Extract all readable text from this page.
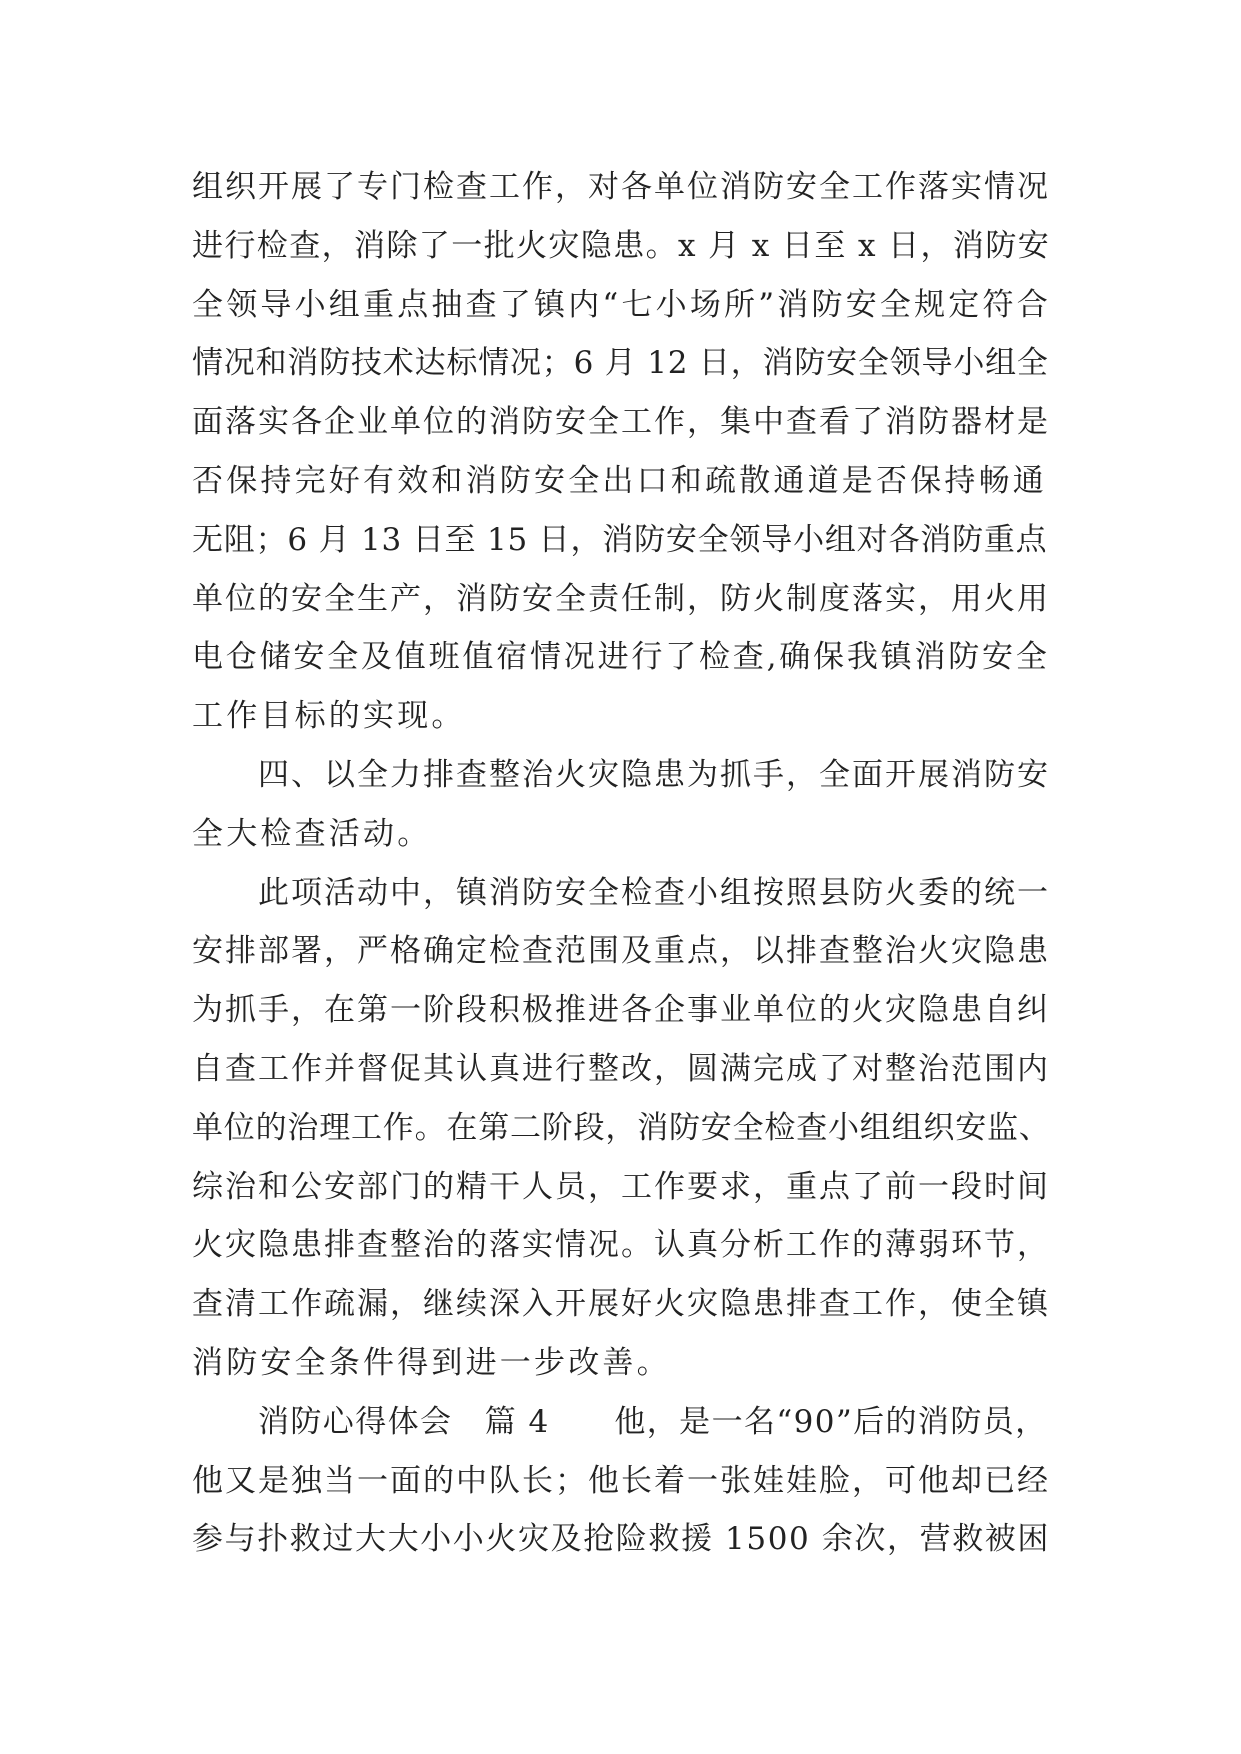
组织开展了专门检查工作，对各单位消防安全工作落实情况
进行检查，消除了一批火灾隐患。x 月 x 日至 x 日，消防安
全领导小组重点抽查了镇内“七小场所”消防安全规定符合
情况和消防技术达标情况；6 月 12 日，消防安全领导小组全
面落实各企业单位的消防安全工作，集中查看了消防器材是
否保持完好有效和消防安全出口和疏散通道是否保持畅通
无阻；6 月 13 日至 15 日，消防安全领导小组对各消防重点
单位的安全生产，消防安全责任制，防火制度落实，用火用
电仓储安全及值班值宿情况进行了检查,确保我镇消防安全
工作目标的实现。
四、以全力排查整治火灾隐患为抓手，全面开展消防安
全大检查活动。
此项活动中，镇消防安全检查小组按照县防火委的统一
安排部署，严格确定检查范围及重点，以排查整治火灾隐患
为抓手，在第一阶段积极推进各企事业单位的火灾隐患自纠
自查工作并督促其认真进行整改，圆满完成了对整治范围内
单位的治理工作。在第二阶段，消防安全检查小组组织安监、
综治和公安部门的精干人员，工作要求，重点了前一段时间
火灾隐患排查整治的落实情况。认真分析工作的薄弱环节，
查清工作疏漏，继续深入开展好火灾隐患排查工作，使全镇
消防安全条件得到进一步改善。
消防心得体会　篇 4　　他，是一名“90”后的消防员，
他又是独当一面的中队长；他长着一张娃娃脸，可他却已经
参与扑救过大大小小火灾及抢险救援 1500 余次，营救被困
